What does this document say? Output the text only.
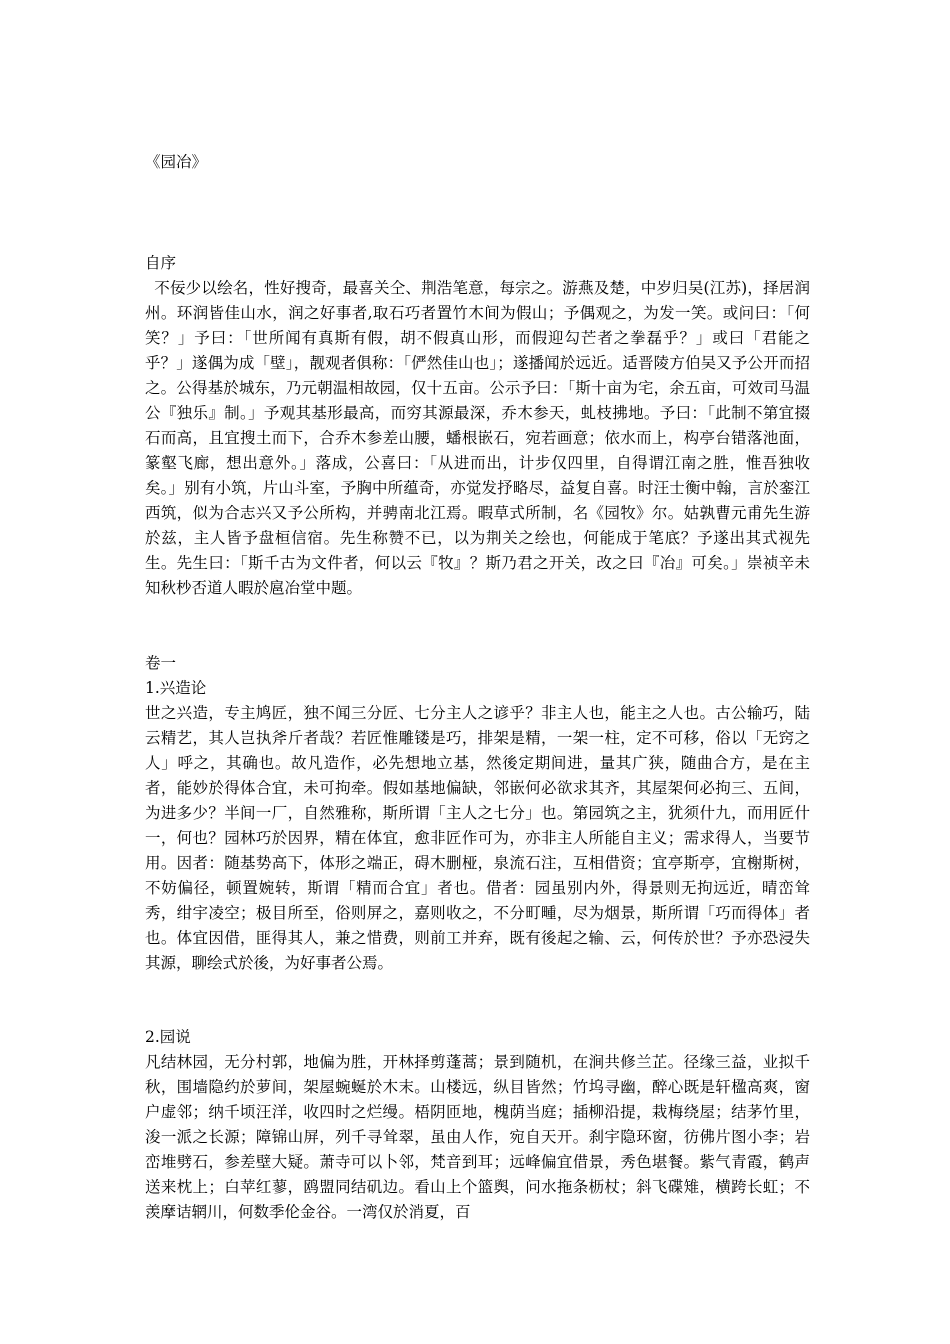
《园冶》
自序

不佞少以绘名，性好搜奇，最喜关仝、荆浩笔意，每宗之。游燕及楚，中岁归吴(江苏)，择居润州。环润皆佳山水，润之好事者,取石巧者置竹木间为假山；予偶观之，为发一笑。或问曰：「何笑？」予曰：「世所闻有真斯有假，胡不假真山形，而假迎勾芒者之拳磊乎？」或曰「君能之乎？」遂偶为成「壁」，靓观者俱称：「俨然佳山也」；遂播闻於远近。适晋陵方伯吴又予公开而招之。公得基於城东，乃元朝温相故园，仅十五亩。公示予曰：「斯十亩为宅，余五亩，可效司马温公『独乐』制。」予观其基形最高，而穷其源最深，乔木参天，虬枝拂地。予曰：「此制不第宜掇石而高，且宜搜土而下，合乔木参差山腰，蟠根嵌石，宛若画意；依水而上，构亭台错落池面，篆壑飞廊，想出意外。」落成，公喜曰：「从进而出，计步仅四里，自得谓江南之胜，惟吾独收矣。」别有小筑，片山斗室，予胸中所蕴奇，亦觉发抒略尽，益复自喜。时汪士衡中翰，言於銮江西筑，似为合志兴又予公所构，并骋南北江焉。暇草式所制，名《园牧》尔。姑孰曹元甫先生游於兹，主人皆予盘桓信宿。先生称赞不已，以为荆关之绘也，何能成于笔底？予遂出其式视先生。先生曰：「斯千古为文件者，何以云『牧』？斯乃君之开关，改之曰『冶』可矣。」崇祯辛未知秋杪否道人暇於扈冶堂中题。

卷一
1.兴造论

世之兴造，专主鸠匠，独不闻三分匠、七分主人之谚乎？非主人也，能主之人也。古公输巧，陆云精艺，其人岂执斧斤者哉？若匠惟雕镂是巧，排架是精，一架一柱，定不可移，俗以「无窍之人」呼之，其确也。故凡造作，必先想地立基，然後定期间进，量其广狭，随曲合方，是在主者，能妙於得体合宜，未可拘牵。假如基地偏缺，邻嵌何必欲求其齐，其屋架何必拘三、五间，为进多少？半间一厂，自然雅称，斯所谓「主人之七分」也。第园筑之主，犹须什九，而用匠什一，何也？园林巧於因界，精在体宜，愈非匠作可为，亦非主人所能自主义；需求得人，当要节用。因者：随基势高下，体形之端正，碍木删桠，泉流石注，互相借资；宜亭斯亭，宜榭斯树，不妨偏径，顿置婉转，斯谓「精而合宜」者也。借者：园虽别内外，得景则无拘远近，晴峦耸秀，绀宇凌空；极目所至，俗则屏之，嘉则收之，不分町畽，尽为烟景，斯所谓「巧而得体」者也。体宜因借，匪得其人，兼之惜费，则前工并弃，既有後起之输、云，何传於世？予亦恐浸失其源，聊绘式於後，为好事者公焉。

2.园说

凡结林园，无分村郭，地偏为胜，开林择剪蓬蒿；景到随机，在涧共修兰芷。径缘三益，业拟千秋，围墙隐约於萝间，架屋蜿蜒於木末。山楼远，纵目皆然；竹坞寻幽，醉心既是轩楹高爽，窗户虚邻；纳千顷汪洋，收四时之烂缦。梧阴匝地，槐荫当庭；插柳沿提，栽梅绕屋；结茅竹里，浚一派之长源；障锦山屏，列千寻耸翠，虽由人作，宛自天开。刹宇隐环窗，彷佛片图小李；岩峦堆劈石，参差壁大疑。萧寺可以卜邻，梵音到耳；远峰偏宜借景，秀色堪餐。紫气青霞，鹤声送来枕上；白苹红蓼，鸥盟同结矶边。看山上个篮舆，问水拖条枥杖；斜飞碟雉，横跨长虹；不羡摩诘辋川，何数季伦金谷。一湾仅於消夏，百
